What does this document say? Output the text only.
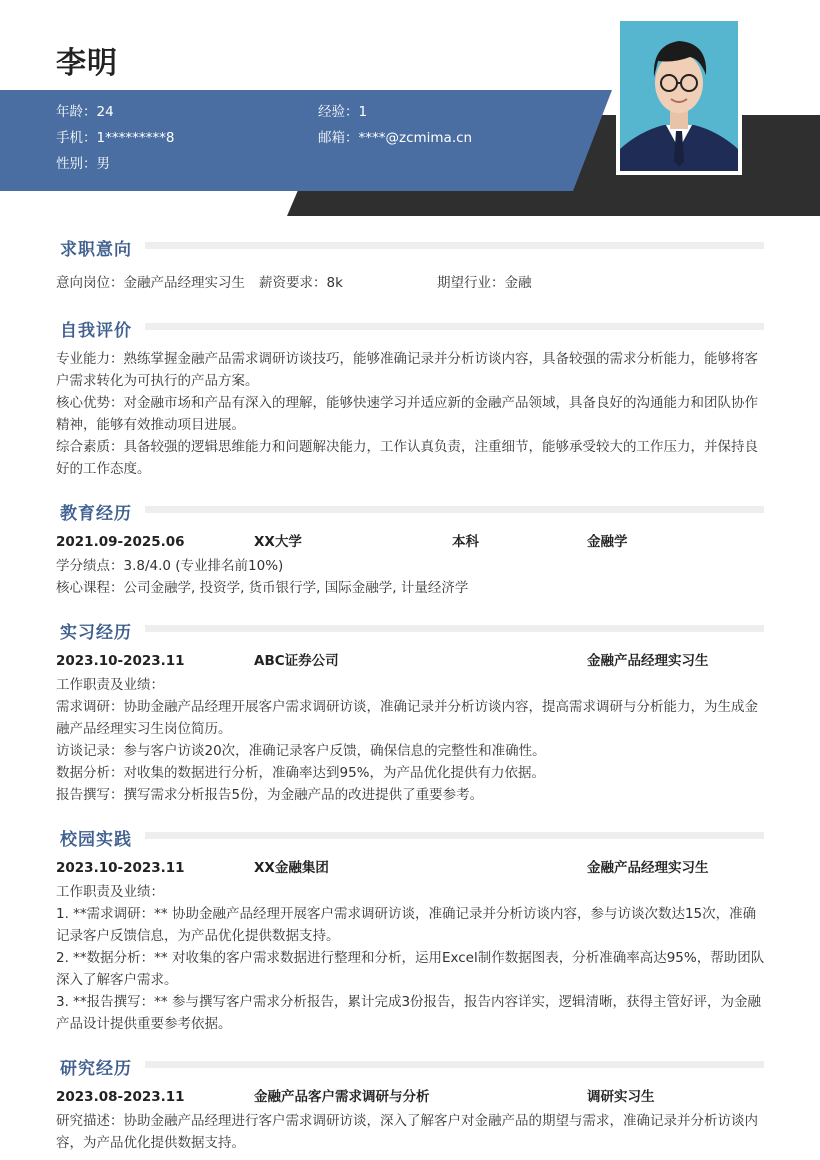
李明
年龄：24	经验：1
手机：1*********8	邮箱：****@zcmima.cn
性别：男
求职意向
意向岗位：金融产品经理实习生 薪资要求：8k	期望行业：金融
自我评价
专业能力：熟练掌握金融产品需求调研访谈技巧，能够准确记录并分析访谈内容，具备较强的需求分析能力，能够将客户需求转化为可执行的产品方案。
核心优势：对金融市场和产品有深入的理解，能够快速学习并适应新的金融产品领域，具备良好的沟通能力和团队协作精神，能够有效推动项目进展。
综合素质：具备较强的逻辑思维能力和问题解决能力，工作认真负责，注重细节，能够承受较大的工作压力，并保持良好的工作态度。
教育经历
2021.09-2025.06	XX大学	本科	金融学
学分绩点：3.8/4.0 (专业排名前10%)
核心课程：公司金融学, 投资学, 货币银行学, 国际金融学, 计量经济学
实习经历
2023.10-2023.11	ABC证券公司	金融产品经理实习生
工作职责及业绩：
需求调研：协助金融产品经理开展客户需求调研访谈，准确记录并分析访谈内容，提高需求调研与分析能力，为生成金融产品经理实习生岗位简历。
访谈记录：参与客户访谈20次，准确记录客户反馈，确保信息的完整性和准确性。
数据分析：对收集的数据进行分析，准确率达到95%，为产品优化提供有力依据。
报告撰写：撰写需求分析报告5份，为金融产品的改进提供了重要参考。
校园实践
2023.10-2023.11	XX金融集团	金融产品经理实习生
工作职责及业绩：
1. **需求调研：** 协助金融产品经理开展客户需求调研访谈，准确记录并分析访谈内容，参与访谈次数达15次，准确记录客户反馈信息，为产品优化提供数据支持。
2. **数据分析：** 对收集的客户需求数据进行整理和分析，运用Excel制作数据图表，分析准确率高达95%，帮助团队深入了解客户需求。
3. **报告撰写：** 参与撰写客户需求分析报告，累计完成3份报告，报告内容详实，逻辑清晰，获得主管好评，为金融产品设计提供重要参考依据。
研究经历
2023.08-2023.11	金融产品客户需求调研与分析	调研实习生
研究描述：协助金融产品经理进行客户需求调研访谈，深入了解客户对金融产品的期望与需求，准确记录并分析访谈内容，为产品优化提供数据支持。
